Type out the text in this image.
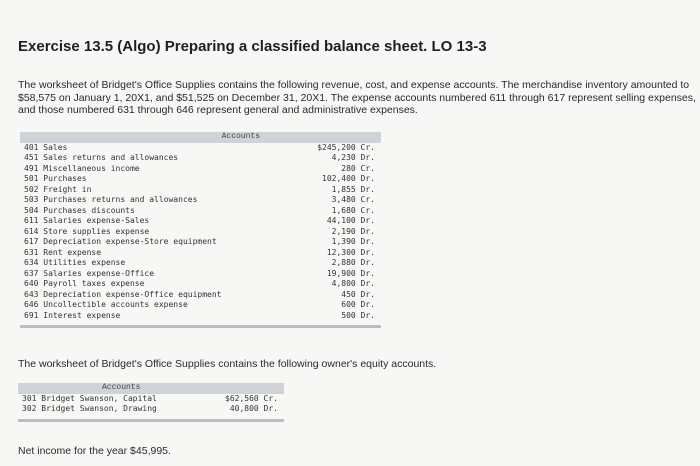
Exercise 13.5 (Algo) Preparing a classified balance sheet. LO 13-3

The worksheet of Bridget's Office Supplies contains the following revenue, cost, and expense accounts. The merchandise inventory amounted to $58,575 on January 1, 20X1, and $51,525 on December 31, 20X1. The expense accounts numbered 611 through 617 represent selling expenses, and those numbered 631 through 646 represent general and administrative expenses.

Accounts	
401 Sales	$245,200 Cr.
451 Sales returns and allowances	4,230 Dr.
491 Miscellaneous income	280 Cr.
501 Purchases	102,400 Dr.
502 Freight in	1,855 Dr.
503 Purchases returns and allowances	3,480 Cr.
504 Purchases discounts	1,680 Cr.
611 Salaries expense-Sales	44,100 Dr.
614 Store supplies expense	2,190 Dr.
617 Depreciation expense-Store equipment	1,390 Dr.
631 Rent expense	12,300 Dr.
634 Utilities expense	2,880 Dr.
637 Salaries expense-Office	19,900 Dr.
640 Payroll taxes expense	4,800 Dr.
643 Depreciation expense-Office equipment	450 Dr.
646 Uncollectible accounts expense	600 Dr.
691 Interest expense	500 Dr.

The worksheet of Bridget's Office Supplies contains the following owner's equity accounts.

Accounts	
301 Bridget Swanson, Capital	$62,560 Cr.
302 Bridget Swanson, Drawing	40,800 Dr.

Net income for the year $45,995.
